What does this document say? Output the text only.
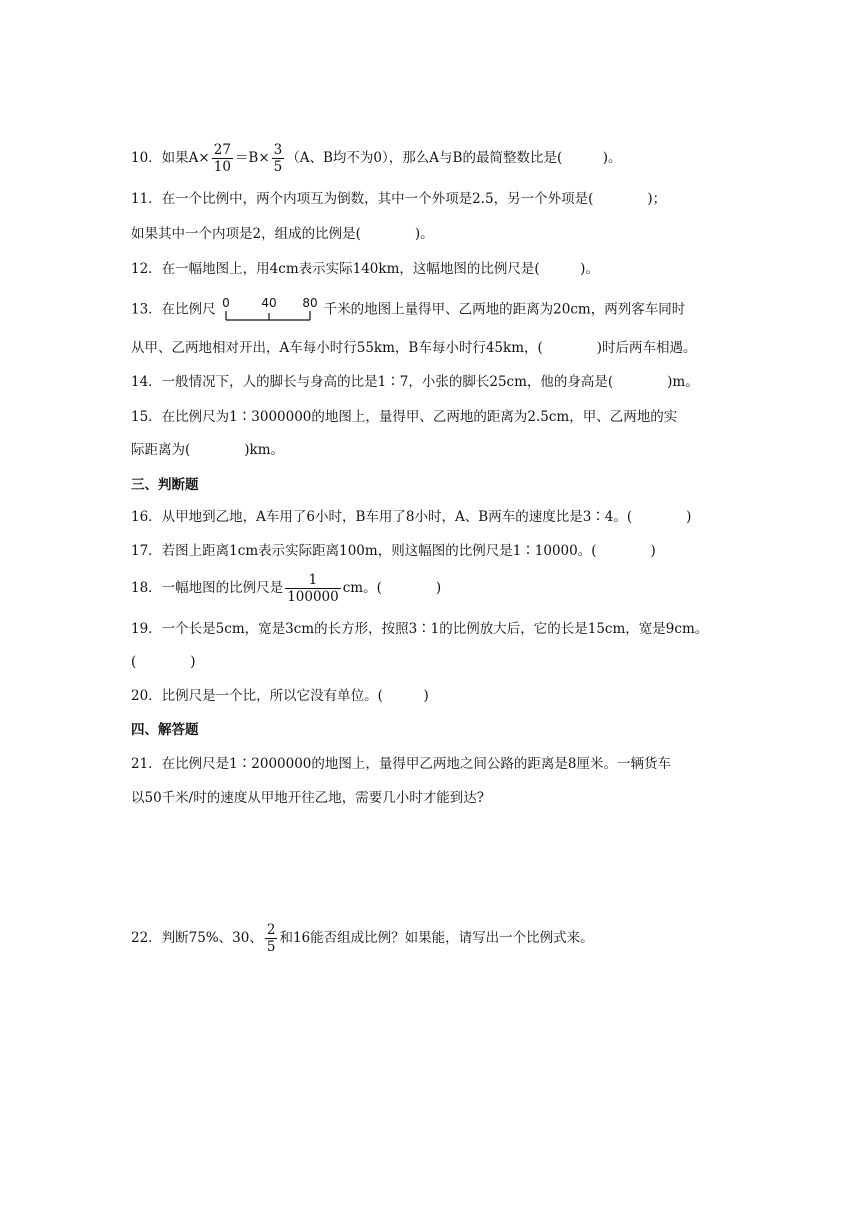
10．如果$A\times \frac{27}{10} =B\times \frac{3}{5} (A$、B均不为0），那么A与B的最简整数比是(　　　)。
11．在一个比例中，两个内项互为倒数，其中一个外项是2.5，另一个外项是(　　　　)；
如果其中一个内项是2，组成的比例是(　　　　)。
12．在一幅地图上，用4cm表示实际140km，这幅地图的比例尺是(　　　)。
13．在比例尺 0	40 80 千米的地图上量得甲、乙两地的距离为20cm，两列客车同时
从甲、乙两地相对开出，A车每小时行55km，B车每小时行45km，(　　　　)时后两车相遇。
14．一般情况下，人的脚长与身高的比是1∶7，小张的脚长25cm，他的身高是(　　　　)m。
15．在比例尺为1∶3000000的地图上，量得甲、乙两地的距离为2.5cm，甲、乙两地的实
际距离为(　　　　)km。
三、判断题
16．从甲地到乙地，A车用了6小时，B车用了8小时，A、B两车的速度比是3∶4。(　　　　)
17．若图上距离1cm表示实际距离100m，则这幅图的比例尺是1∶10000。(　　　　)
18．一幅地图的比例尺是 $\frac{1}{100000}$ cm。(　　　　)
19．一个长是5cm，宽是3cm的长方形，按照3∶1的比例放大后，它的长是15cm，宽是9cm。
(　　　　)
20．比例尺是一个比，所以它没有单位。(　　　)
四、解答题
21．在比例尺是1∶2000000的地图上，量得甲乙两地之间公路的距离是8厘米。一辆货车
以50千米/时的速度从甲地开往乙地，需要几小时才能到达?
22．判断75%、30、 $\frac{2}{5}$ 和16能否组成比例？如果能，请写出一个比例式来。
